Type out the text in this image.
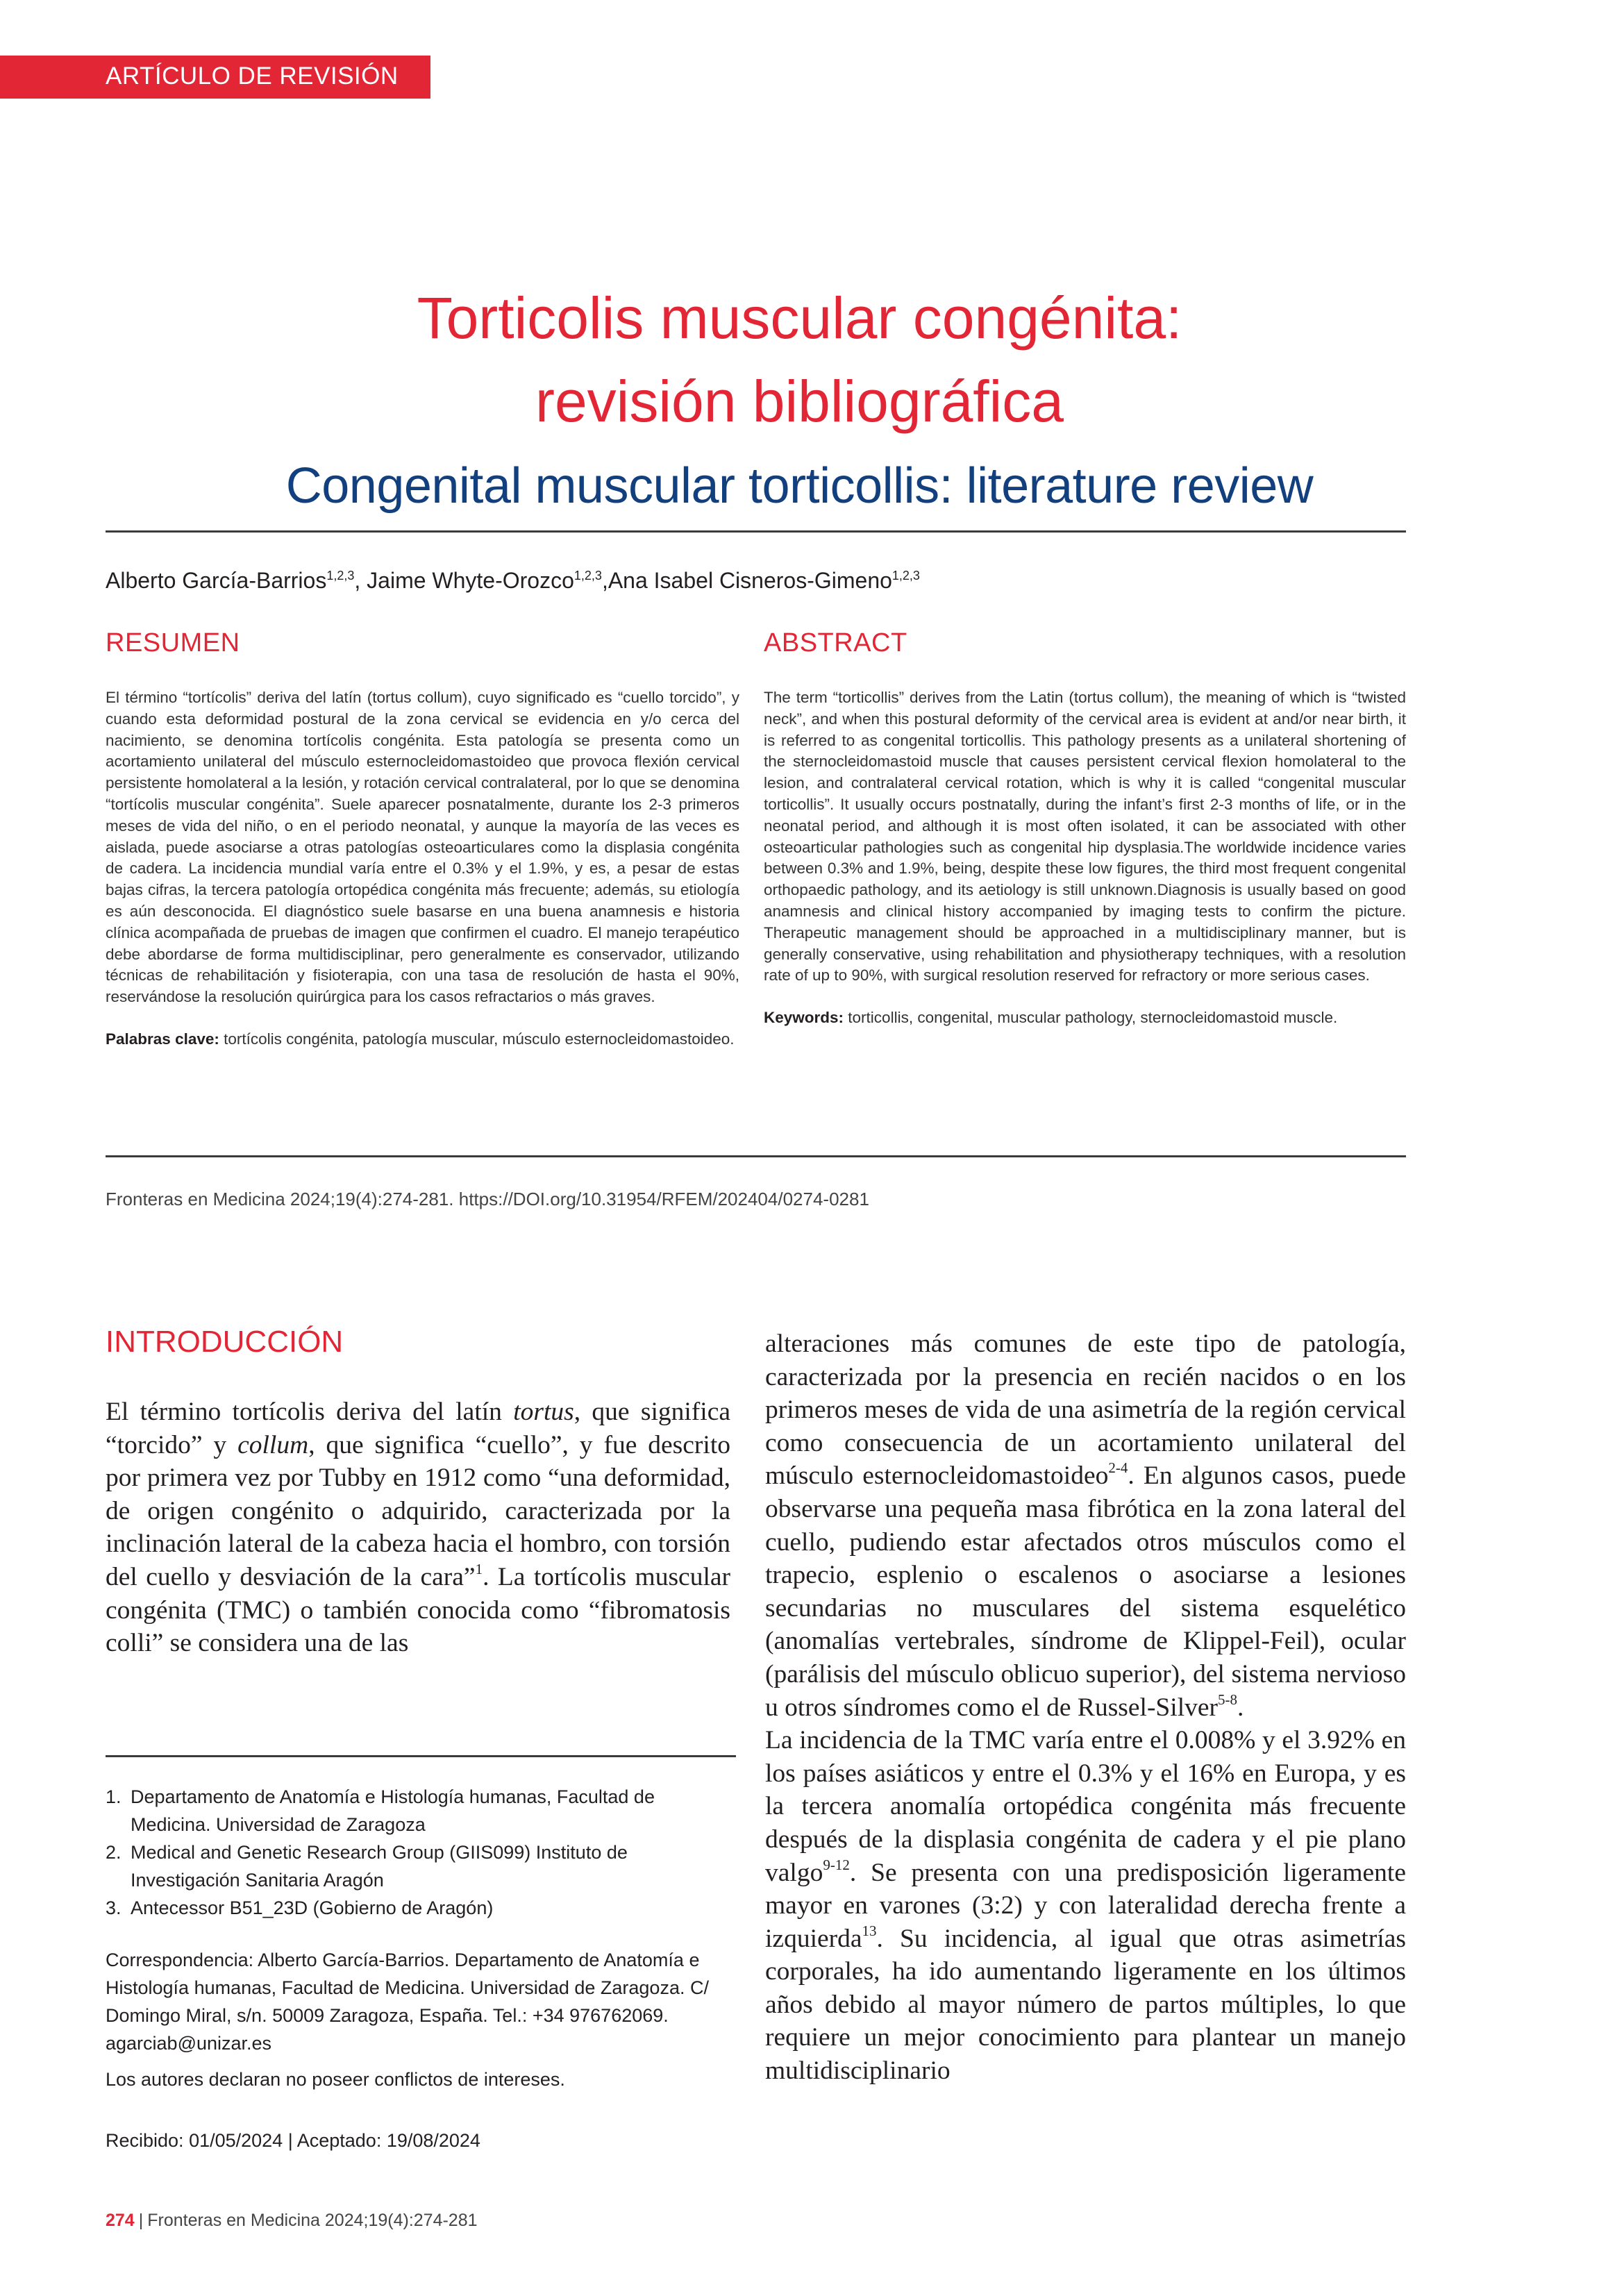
ARTÍCULO DE REVISIÓN
Torticolis muscular congénita:
revisión bibliográfica
Congenital muscular torticollis: literature review
Alberto García-Barrios$^{1,2,3}$, Jaime Whyte-Orozco$^{1,2,3}$,Ana Isabel Cisneros-Gimeno$^{1,2,3}$
RESUMEN
El término “tortícolis” deriva del latín (tortus collum), cuyo significado es “cuello torcido”, y cuando esta deformidad postural de la zona cervical se evidencia en y/o cerca del nacimiento, se denomina tortícolis congénita. Esta patología se presenta como un acortamiento unilateral del músculo esternocleidomastoideo que provoca flexión cervical persistente homolateral a la lesión, y rotación cervical contralateral, por lo que se denomina “tortícolis muscular congénita”. Suele aparecer posnatalmente, durante los 2-3 primeros meses de vida del niño, o en el periodo neonatal, y aunque la mayoría de las veces es aislada, puede asociarse a otras patologías osteoarticulares como la displasia congénita de cadera. La incidencia mundial varía entre el 0.3% y el 1.9%, y es, a pesar de estas bajas cifras, la tercera patología ortopédica congénita más frecuente; además, su etiología es aún desconocida. El diagnóstico suele basarse en una buena anamnesis e historia clínica acompañada de pruebas de imagen que confirmen el cuadro. El manejo terapéutico debe abordarse de forma multidisciplinar, pero generalmente es conservador, utilizando técnicas de rehabilitación y fisioterapia, con una tasa de resolución de hasta el 90%, reservándose la resolución quirúrgica para los casos refractarios o más graves.
Palabras clave: tortícolis congénita, patología muscular, músculo esternocleidomastoideo.
ABSTRACT
The term “torticollis” derives from the Latin (tortus collum), the meaning of which is “twisted neck”, and when this postural deformity of the cervical area is evident at and/or near birth, it is referred to as congenital torticollis. This pathology presents as a unilateral shortening of the sternocleidomastoid muscle that causes persistent cervical flexion homolateral to the lesion, and contralateral cervical rotation, which is why it is called “congenital muscular torticollis”. It usually occurs postnatally, during the infant’s first 2-3 months of life, or in the neonatal period, and although it is most often isolated, it can be associated with other osteoarticular pathologies such as congenital hip dysplasia.The worldwide incidence varies between 0.3% and 1.9%, being, despite these low figures, the third most frequent congenital orthopaedic pathology, and its aetiology is still unknown.Diagnosis is usually based on good anamnesis and clinical history accompanied by imaging tests to confirm the picture. Therapeutic management should be approached in a multidisciplinary manner, but is generally conservative, using rehabilitation and physiotherapy techniques, with a resolution rate of up to 90%, with surgical resolution reserved for refractory or more serious cases.
Keywords: torticollis, congenital, muscular pathology, sternocleidomastoid muscle.
Fronteras en Medicina 2024;19(4):274-281. https://DOI.org/10.31954/RFEM/202404/0274-0281
INTRODUCCIÓN
El término tortícolis deriva del latín tortus, que significa “torcido” y collum, que significa “cuello”, y fue descrito por primera vez por Tubby en 1912 como “una deformidad, de origen congénito o adquirido, caracterizada por la inclinación lateral de la cabeza hacia el hombro, con torsión del cuello y desviación de la cara”$^1$. La tortícolis muscular congénita (TMC) o también conocida como “fibromatosis colli” se considera una de las
alteraciones más comunes de este tipo de patología, caracterizada por la presencia en recién nacidos o en los primeros meses de vida de una asimetría de la región cervical como consecuencia de un acortamiento unilateral del músculo esternocleidomastoideo$^{2-4}$. En algunos casos, puede observarse una pequeña masa fibrótica en la zona lateral del cuello, pudiendo estar afectados otros músculos como el trapecio, esplenio o escalenos o asociarse a lesiones secundarias no musculares del sistema esquelético (anomalías vertebrales, síndrome de Klippel-Feil), ocular (parálisis del músculo oblicuo superior), del sistema nervioso u otros síndromes como el de Russel-Silver$^{5-8}$.
La incidencia de la TMC varía entre el 0.008% y el 3.92% en los países asiáticos y entre el 0.3% y el 16% en Europa, y es la tercera anomalía ortopédica congénita más frecuente después de la displasia congénita de cadera y el pie plano valgo$^{9-12}$. Se presenta con una predisposición ligeramente mayor en varones (3:2) y con lateralidad derecha frente a izquierda$^{13}$. Su incidencia, al igual que otras asimetrías corporales, ha ido aumentando ligeramente en los últimos años debido al mayor número de partos múltiples, lo que requiere un mejor conocimiento para plantear un manejo multidisciplinario
1. Departamento de Anatomía e Histología humanas, Facultad de Medicina. Universidad de Zaragoza
2. Medical and Genetic Research Group (GIIS099) Instituto de Investigación Sanitaria Aragón
3. Antecessor B51_23D (Gobierno de Aragón)
Correspondencia: Alberto García-Barrios. Departamento de Anatomía e Histología humanas, Facultad de Medicina. Universidad de Zaragoza. C/ Domingo Miral, s/n. 50009 Zaragoza, España. Tel.: +34 976762069. agarciab@unizar.es
Los autores declaran no poseer conflictos de intereses.
Recibido: 01/05/2024 | Aceptado: 19/08/2024
274 | Fronteras en Medicina 2024;19(4):274-281
